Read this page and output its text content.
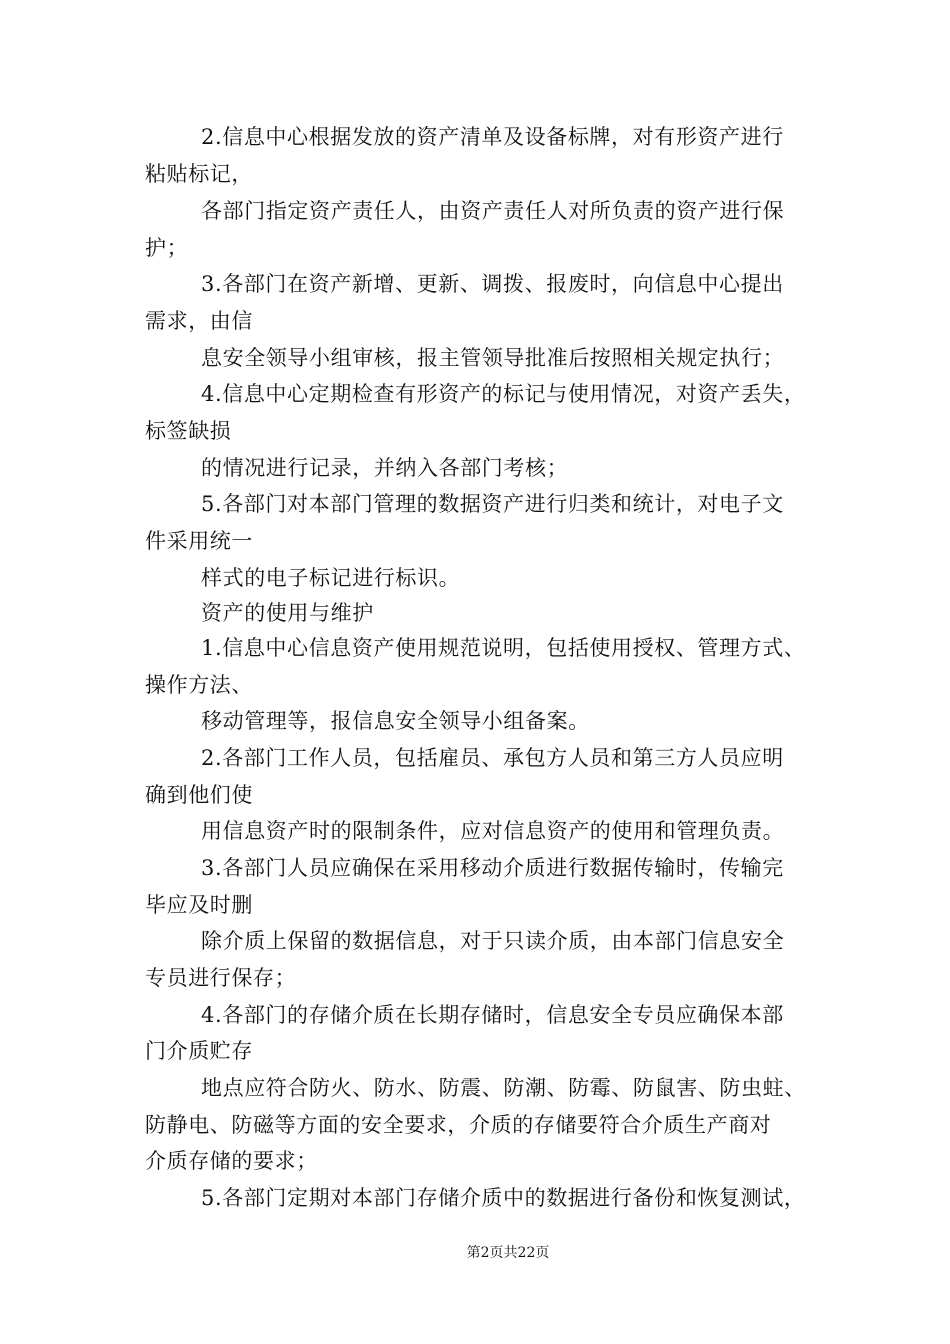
2.信息中心根据发放的资产清单及设备标牌，对有形资产进行
粘贴标记，
各部门指定资产责任人，由资产责任人对所负责的资产进行保
护；
3.各部门在资产新增、更新、调拨、报废时，向信息中心提出
需求，由信
息安全领导小组审核，报主管领导批准后按照相关规定执行；
4.信息中心定期检查有形资产的标记与使用情况，对资产丢失，
标签缺损
的情况进行记录，并纳入各部门考核；
5.各部门对本部门管理的数据资产进行归类和统计，对电子文
件采用统一
样式的电子标记进行标识。
资产的使用与维护
1.信息中心信息资产使用规范说明，包括使用授权、管理方式、
操作方法、
移动管理等，报信息安全领导小组备案。
2.各部门工作人员，包括雇员、承包方人员和第三方人员应明
确到他们使
用信息资产时的限制条件，应对信息资产的使用和管理负责。
3.各部门人员应确保在采用移动介质进行数据传输时，传输完
毕应及时删
除介质上保留的数据信息，对于只读介质，由本部门信息安全
专员进行保存；
4.各部门的存储介质在长期存储时，信息安全专员应确保本部
门介质贮存
地点应符合防火、防水、防震、防潮、防霉、防鼠害、防虫蛀、
防静电、防磁等方面的安全要求，介质的存储要符合介质生产商对
介质存储的要求；
5.各部门定期对本部门存储介质中的数据进行备份和恢复测试，
第2页共22页
